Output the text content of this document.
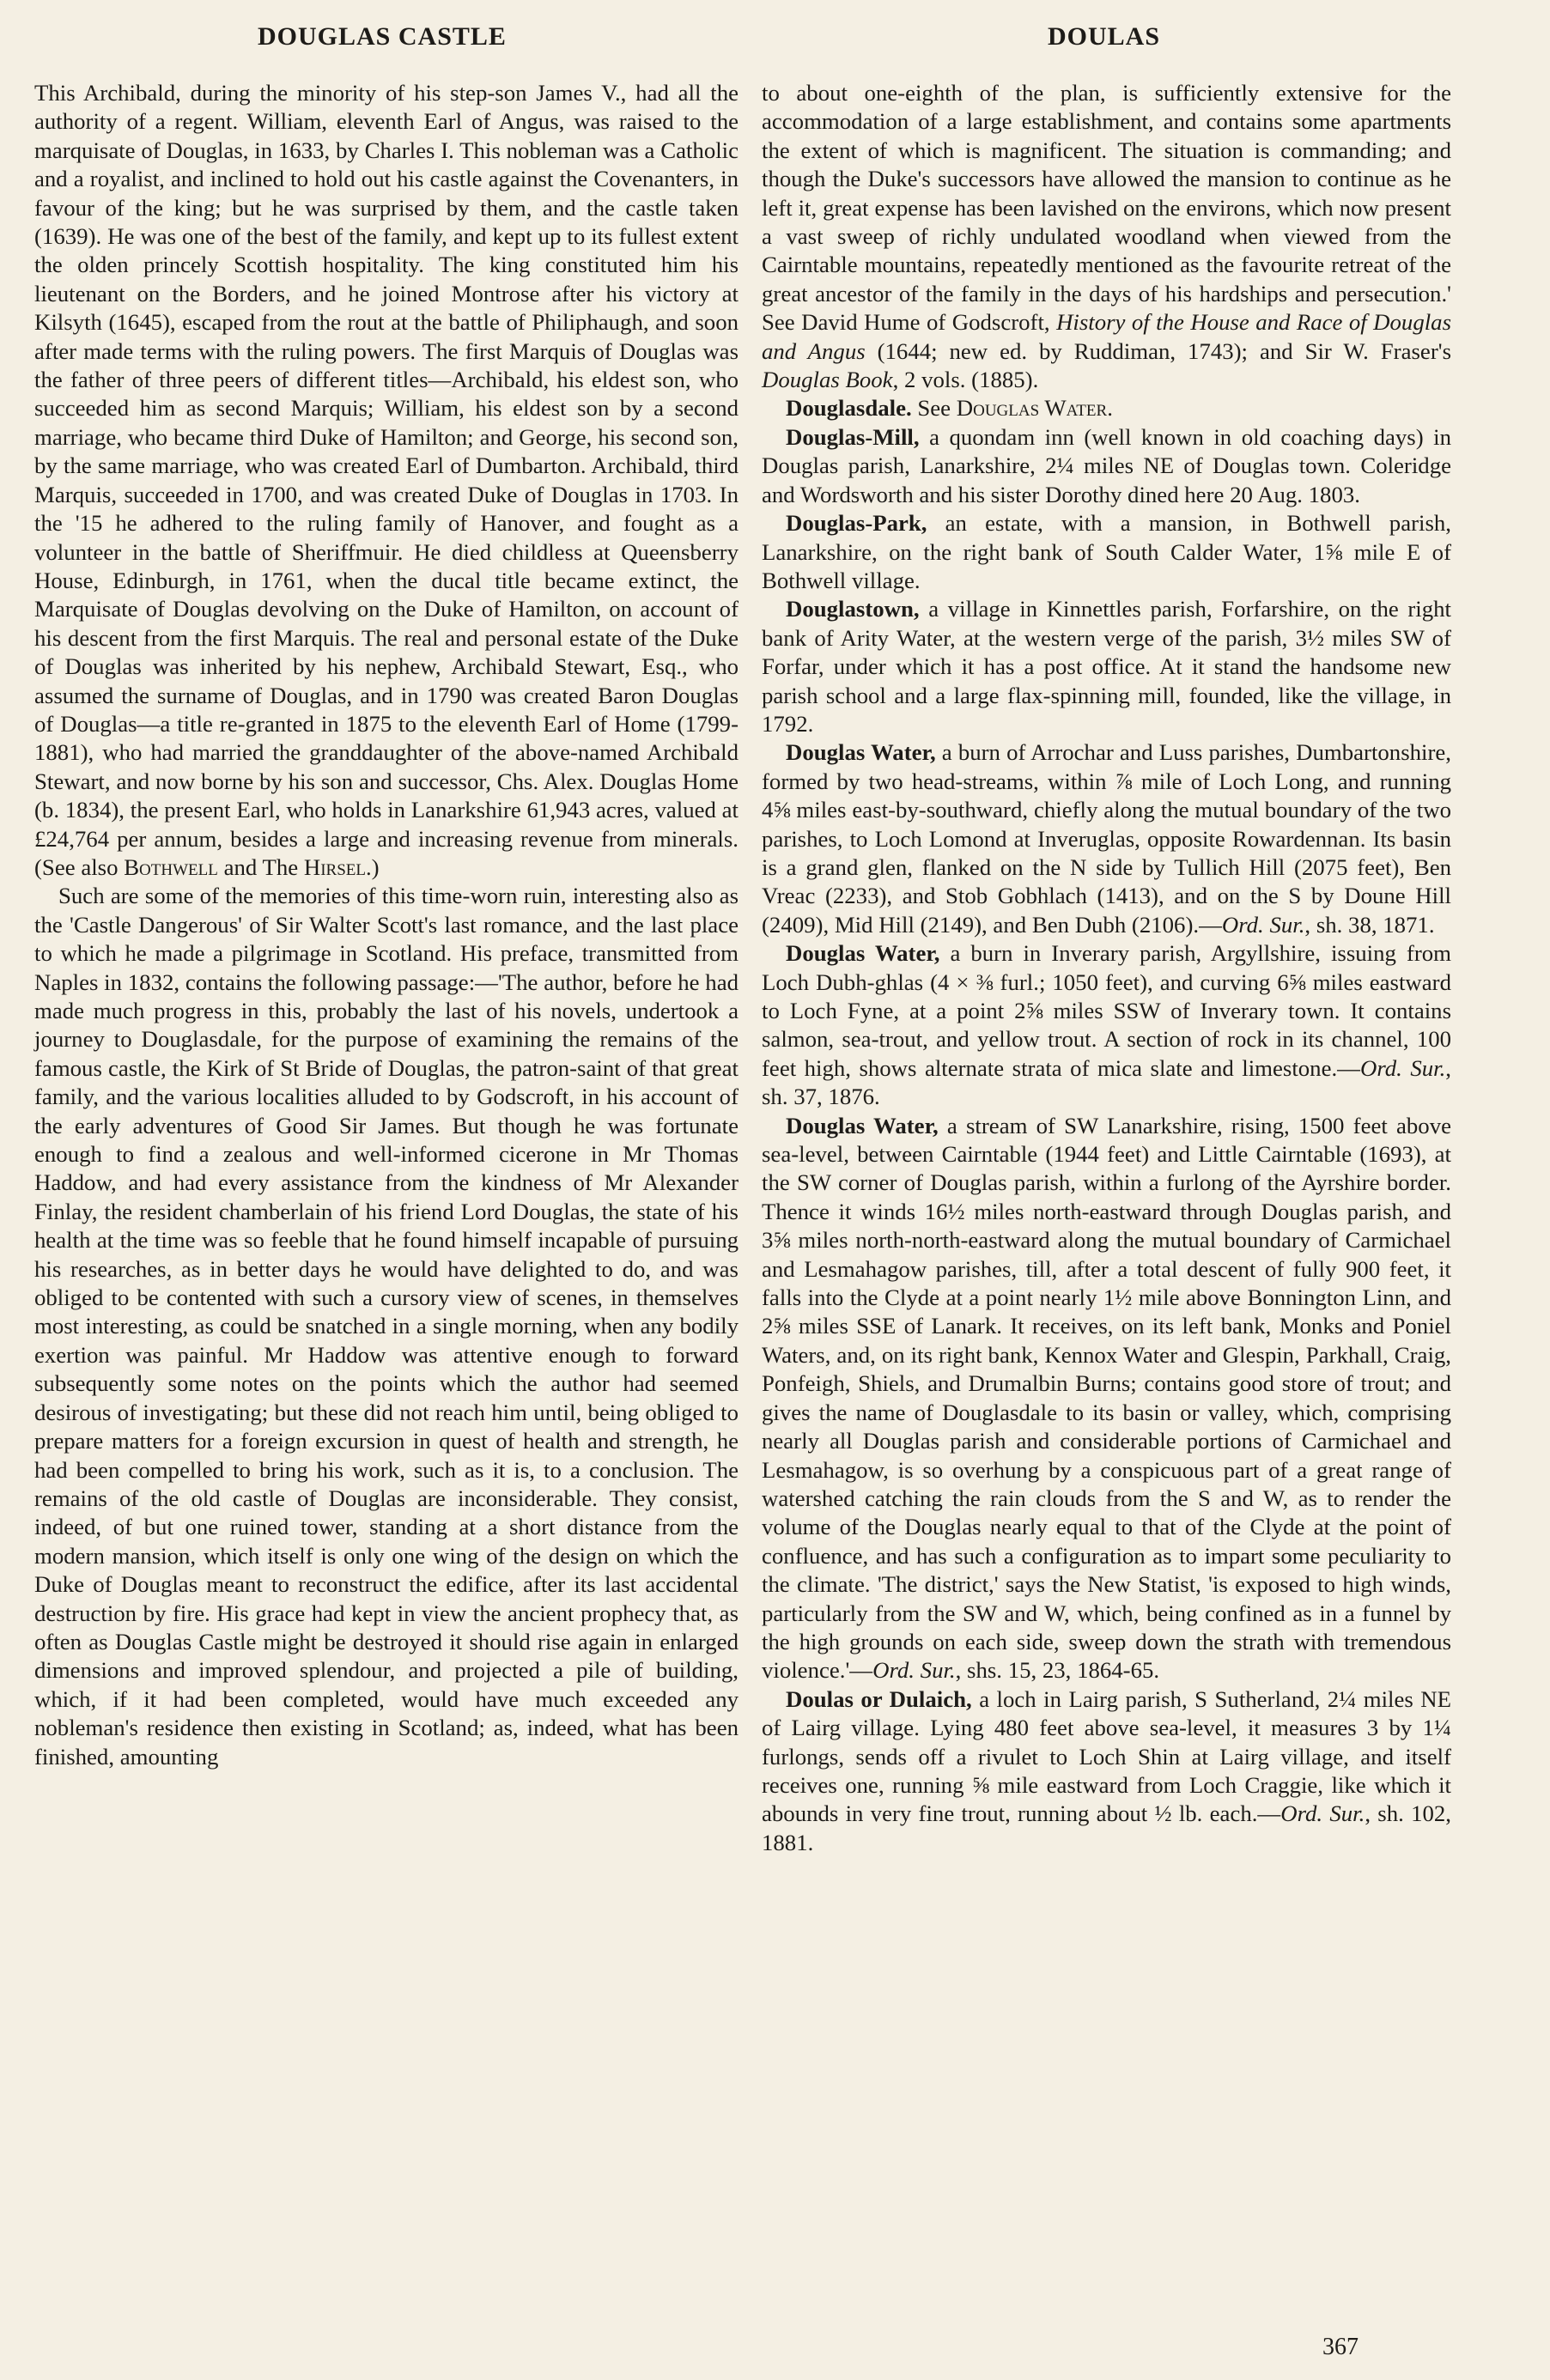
DOUGLAS CASTLE	DOULAS

This Archibald, during the minority of his step-son James V., had all the authority of a regent. William, eleventh Earl of Angus, was raised to the marquisate of Douglas, in 1633, by Charles I. This nobleman was a Catholic and a royalist, and inclined to hold out his castle against the Covenanters, in favour of the king; but he was surprised by them, and the castle taken (1639). He was one of the best of the family, and kept up to its fullest extent the olden princely Scottish hospitality. The king constituted him his lieutenant on the Borders, and he joined Montrose after his victory at Kilsyth (1645), escaped from the rout at the battle of Philiphaugh, and soon after made terms with the ruling powers. The first Marquis of Douglas was the father of three peers of different titles—Archibald, his eldest son, who succeeded him as second Marquis; William, his eldest son by a second marriage, who became third Duke of Hamilton; and George, his second son, by the same marriage, who was created Earl of Dumbarton. Archibald, third Marquis, succeeded in 1700, and was created Duke of Douglas in 1703. In the '15 he adhered to the ruling family of Hanover, and fought as a volunteer in the battle of Sheriffmuir. He died childless at Queensberry House, Edinburgh, in 1761, when the ducal title became extinct, the Marquisate of Douglas devolving on the Duke of Hamilton, on account of his descent from the first Marquis. The real and personal estate of the Duke of Douglas was inherited by his nephew, Archibald Stewart, Esq., who assumed the surname of Douglas, and in 1790 was created Baron Douglas of Douglas—a title re-granted in 1875 to the eleventh Earl of Home (1799-1881), who had married the granddaughter of the above-named Archibald Stewart, and now borne by his son and successor, Chs. Alex. Douglas Home (b. 1834), the present Earl, who holds in Lanarkshire 61,943 acres, valued at £24,764 per annum, besides a large and increasing revenue from minerals. (See also Bothwell and The Hirsel.)

Such are some of the memories of this time-worn ruin, interesting also as the 'Castle Dangerous' of Sir Walter Scott's last romance, and the last place to which he made a pilgrimage in Scotland. His preface, transmitted from Naples in 1832, contains the following passage:—'The author, before he had made much progress in this, probably the last of his novels, undertook a journey to Douglasdale, for the purpose of examining the remains of the famous castle, the Kirk of St Bride of Douglas, the patron-saint of that great family, and the various localities alluded to by Godscroft, in his account of the early adventures of Good Sir James. But though he was fortunate enough to find a zealous and well-informed cicerone in Mr Thomas Haddow, and had every assistance from the kindness of Mr Alexander Finlay, the resident chamberlain of his friend Lord Douglas, the state of his health at the time was so feeble that he found himself incapable of pursuing his researches, as in better days he would have delighted to do, and was obliged to be contented with such a cursory view of scenes, in themselves most interesting, as could be snatched in a single morning, when any bodily exertion was painful. Mr Haddow was attentive enough to forward subsequently some notes on the points which the author had seemed desirous of investigating; but these did not reach him until, being obliged to prepare matters for a foreign excursion in quest of health and strength, he had been compelled to bring his work, such as it is, to a conclusion. The remains of the old castle of Douglas are inconsiderable. They consist, indeed, of but one ruined tower, standing at a short distance from the modern mansion, which itself is only one wing of the design on which the Duke of Douglas meant to reconstruct the edifice, after its last accidental destruction by fire. His grace had kept in view the ancient prophecy that, as often as Douglas Castle might be destroyed it should rise again in enlarged dimensions and improved splendour, and projected a pile of building, which, if it had been completed, would have much exceeded any nobleman's residence then existing in Scotland; as, indeed, what has been finished, amounting

to about one-eighth of the plan, is sufficiently extensive for the accommodation of a large establishment, and contains some apartments the extent of which is magnificent. The situation is commanding; and though the Duke's successors have allowed the mansion to continue as he left it, great expense has been lavished on the environs, which now present a vast sweep of richly undulated woodland when viewed from the Cairntable mountains, repeatedly mentioned as the favourite retreat of the great ancestor of the family in the days of his hardships and persecution.' See David Hume of Godscroft, History of the House and Race of Douglas and Angus (1644; new ed. by Ruddiman, 1743); and Sir W. Fraser's Douglas Book, 2 vols. (1885).

Douglasdale. See Douglas Water.

Douglas-Mill, a quondam inn (well known in old coaching days) in Douglas parish, Lanarkshire, 2¼ miles NE of Douglas town. Coleridge and Wordsworth and his sister Dorothy dined here 20 Aug. 1803.

Douglas-Park, an estate, with a mansion, in Bothwell parish, Lanarkshire, on the right bank of South Calder Water, 1⅝ mile E of Bothwell village.

Douglastown, a village in Kinnettles parish, Forfarshire, on the right bank of Arity Water, at the western verge of the parish, 3½ miles SW of Forfar, under which it has a post office. At it stand the handsome new parish school and a large flax-spinning mill, founded, like the village, in 1792.

Douglas Water, a burn of Arrochar and Luss parishes, Dumbartonshire, formed by two head-streams, within ⅞ mile of Loch Long, and running 4⅝ miles east-by-southward, chiefly along the mutual boundary of the two parishes, to Loch Lomond at Inveruglas, opposite Rowardennan. Its basin is a grand glen, flanked on the N side by Tullich Hill (2075 feet), Ben Vreac (2233), and Stob Gobhlach (1413), and on the S by Doune Hill (2409), Mid Hill (2149), and Ben Dubh (2106).—Ord. Sur., sh. 38, 1871.

Douglas Water, a burn in Inverary parish, Argyllshire, issuing from Loch Dubh-ghlas (4 × ⅜ furl.; 1050 feet), and curving 6⅝ miles eastward to Loch Fyne, at a point 2⅝ miles SSW of Inverary town. It contains salmon, sea-trout, and yellow trout. A section of rock in its channel, 100 feet high, shows alternate strata of mica slate and limestone.—Ord. Sur., sh. 37, 1876.

Douglas Water, a stream of SW Lanarkshire, rising, 1500 feet above sea-level, between Cairntable (1944 feet) and Little Cairntable (1693), at the SW corner of Douglas parish, within a furlong of the Ayrshire border. Thence it winds 16½ miles north-eastward through Douglas parish, and 3⅝ miles north-north-eastward along the mutual boundary of Carmichael and Lesmahagow parishes, till, after a total descent of fully 900 feet, it falls into the Clyde at a point nearly 1½ mile above Bonnington Linn, and 2⅝ miles SSE of Lanark. It receives, on its left bank, Monks and Poniel Waters, and, on its right bank, Kennox Water and Glespin, Parkhall, Craig, Ponfeigh, Shiels, and Drumalbin Burns; contains good store of trout; and gives the name of Douglasdale to its basin or valley, which, comprising nearly all Douglas parish and considerable portions of Carmichael and Lesmahagow, is so overhung by a conspicuous part of a great range of watershed catching the rain clouds from the S and W, as to render the volume of the Douglas nearly equal to that of the Clyde at the point of confluence, and has such a configuration as to impart some peculiarity to the climate. 'The district,' says the New Statist, 'is exposed to high winds, particularly from the SW and W, which, being confined as in a funnel by the high grounds on each side, sweep down the strath with tremendous violence.'—Ord. Sur., shs. 15, 23, 1864-65.

Doulas or Dulaich, a loch in Lairg parish, S Sutherland, 2¼ miles NE of Lairg village. Lying 480 feet above sea-level, it measures 3 by 1¼ furlongs, sends off a rivulet to Loch Shin at Lairg village, and itself receives one, running ⅝ mile eastward from Loch Craggie, like which it abounds in very fine trout, running about ½ lb. each.—Ord. Sur., sh. 102, 1881.

367
